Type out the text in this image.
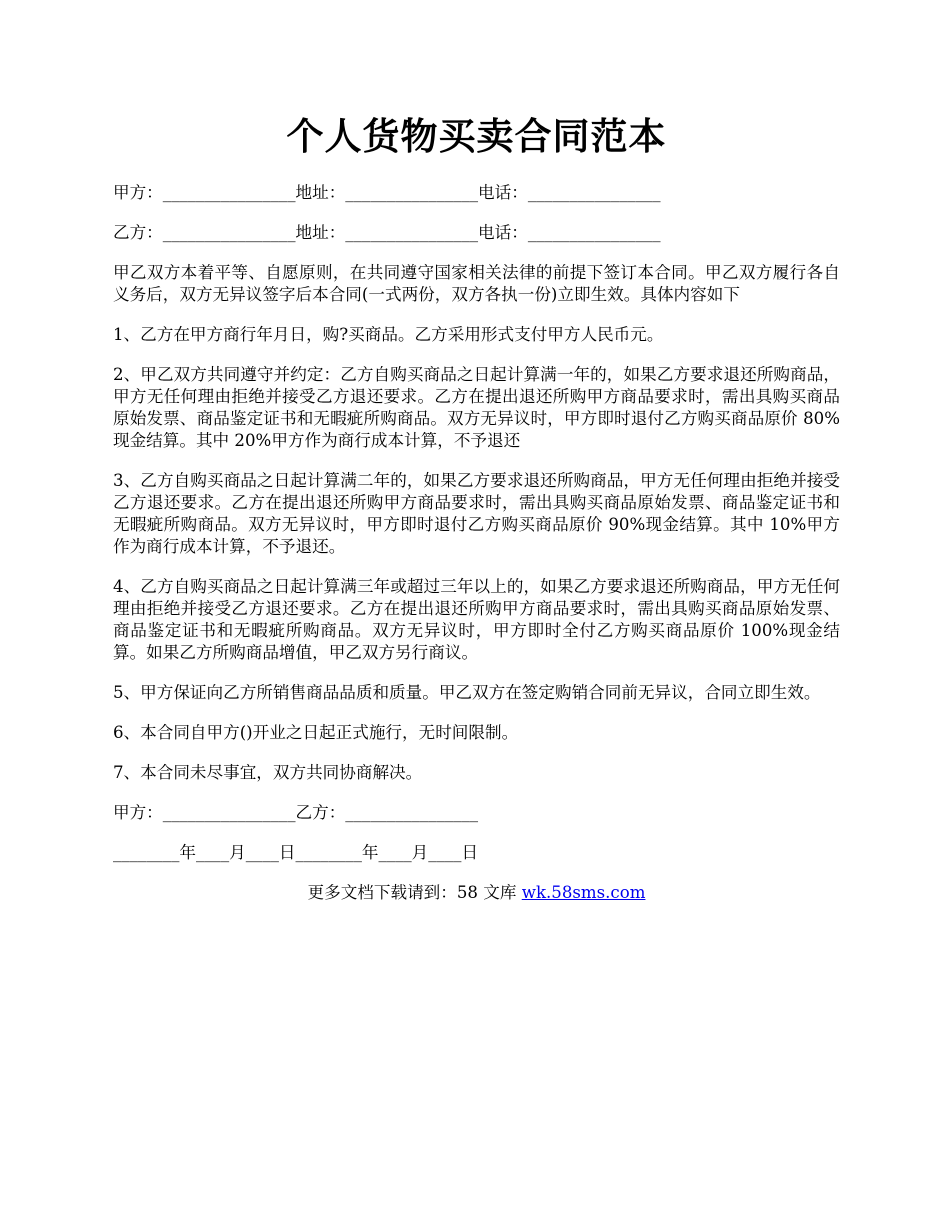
个人货物买卖合同范本

甲方：________________地址：________________电话：________________

乙方：________________地址：________________电话：________________

甲乙双方本着平等、自愿原则，在共同遵守国家相关法律的前提下签订本合同。甲乙双方履行各自义务后，双方无异议签字后本合同(一式两份，双方各执一份)立即生效。具体内容如下

1、乙方在甲方商行年月日，购?买商品。乙方采用形式支付甲方人民币元。

2、甲乙双方共同遵守并约定：乙方自购买商品之日起计算满一年的，如果乙方要求退还所购商品，甲方无任何理由拒绝并接受乙方退还要求。乙方在提出退还所购甲方商品要求时，需出具购买商品原始发票、商品鉴定证书和无暇疵所购商品。双方无异议时，甲方即时退付乙方购买商品原价 80%现金结算。其中 20%甲方作为商行成本计算，不予退还

3、乙方自购买商品之日起计算满二年的，如果乙方要求退还所购商品，甲方无任何理由拒绝并接受乙方退还要求。乙方在提出退还所购甲方商品要求时，需出具购买商品原始发票、商品鉴定证书和无暇疵所购商品。双方无异议时，甲方即时退付乙方购买商品原价 90%现金结算。其中 10%甲方作为商行成本计算，不予退还。

4、乙方自购买商品之日起计算满三年或超过三年以上的，如果乙方要求退还所购商品，甲方无任何理由拒绝并接受乙方退还要求。乙方在提出退还所购甲方商品要求时，需出具购买商品原始发票、商品鉴定证书和无暇疵所购商品。双方无异议时，甲方即时全付乙方购买商品原价 100%现金结算。如果乙方所购商品增值，甲乙双方另行商议。

5、甲方保证向乙方所销售商品品质和质量。甲乙双方在签定购销合同前无异议，合同立即生效。

6、本合同自甲方()开业之日起正式施行，无时间限制。

7、本合同未尽事宜，双方共同协商解决。

甲方：________________乙方：________________

________年____月____日________年____月____日

更多文档下载请到：58 文库 wk.58sms.com
